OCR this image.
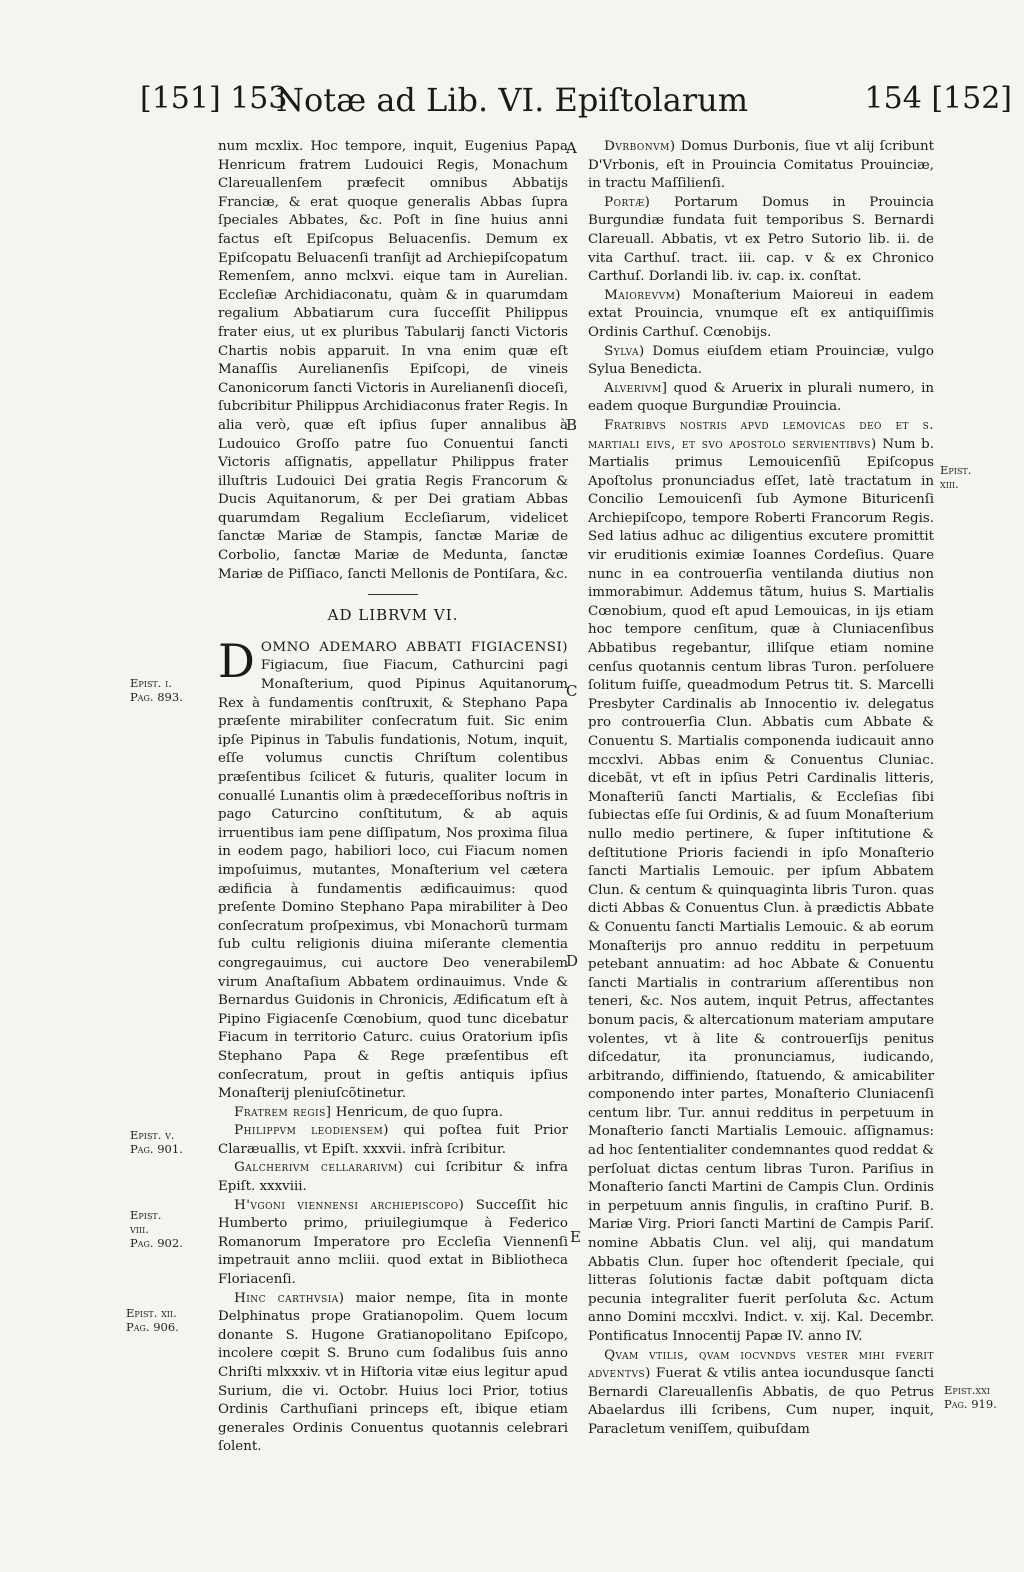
[151] 153
Notæ ad Lib. VI. Epiſtolarum	154 [152]
A
B
C
D
E
Epist. i.
Pag. 893.
Epist. v.
Pag. 901.
Epist.
viii.
Pag. 902.
Epist. xii.
Pag. 906.
Epist.
xiii.
Epist.xxi
Pag. 919.

num mcxlix. Hoc tempore, inquit, Eugenius Papa Henricum fratrem Ludouici Regis, Monachum Clareuallenſem præfecit omnibus Abbatijs Franciæ, & erat quoque generalis Abbas ſupra ſpeciales Abbates, &c. Poſt in ſine huius anni factus eſt Epiſcopus Beluacenſis. Demum ex Epiſcopatu Beluacenſi tranſijt ad Archiepiſcopatum Remenſem, anno mclxvi. eique tam in Aurelian. Eccleſiæ Archidiaconatu, quàm & in quarumdam regalium Abbatiarum cura ſucceſſit Philippus frater eius, ut ex pluribus Tabularij ſancti Victoris Chartis nobis apparuit. In vna enim quæ eſt Manaſſis Aurelianenſis Epiſcopi, de vineis Canonicorum ſancti Victoris in Aurelianenſi dioceſi, ſubcribitur Philippus Archidiaconus frater Regis. In alia verò, quæ eſt ipſius ſuper annalibus à Ludouico Groſſo patre ſuo Conuentui ſancti Victoris aſſignatis, appellatur Philippus frater illuſtris Ludouici Dei gratia Regis Francorum & Ducis Aquitanorum, & per Dei gratiam Abbas quarumdam Regalium Eccleſiarum, videlicet ſanctæ Mariæ de Stampis, ſanctæ Mariæ de Corbolio, ſanctæ Mariæ de Medunta, ſanctæ Mariæ de Piſſiaco, ſancti Mellonis de Pontiſara, &c.

AD LIBRVM VI.

DOMNO ADEMARO ABBATI FIGIACENSI) Figiacum, ſiue Fiacum, Cathurcini pagi Monaſterium, quod Pipinus Aquitanorum Rex à fundamentis conſtruxit, & Stephano Papa præſente mirabiliter conſecratum fuit. Sic enim ipſe Pipinus in Tabulis fundationis, Notum, inquit, eſſe volumus cunctis Chriſtum colentibus præſentibus ſcilicet & futuris, qualiter locum in conuallé Lunantis olim à prædeceſſoribus noſtris in pago Caturcino conſtitutum, & ab aquis irruentibus iam pene diſſipatum, Nos proxima ſilua in eodem pago, habiliori loco, cui Fiacum nomen impoſuimus, mutantes, Monaſterium vel cætera ædificia à fundamentis ædificauimus: quod preſente Domino Stephano Papa mirabiliter à Deo conſecratum proſpeximus, vbi Monachorũ turmam ſub cultu religionis diuina miſerante clementia congregauimus, cui auctore Deo venerabilem virum Anaſtaſium Abbatem ordinauimus. Vnde & Bernardus Guidonis in Chronicis, Ædificatum eſt à Pipino Figiacenſe Cœnobium, quod tunc dicebatur Fiacum in territorio Caturc. cuius Oratorium ipſis Stephano Papa & Rege præſentibus eſt conſecratum, prout in geſtis antiquis ipſius Monaſterij pleniuſcõtinetur.

Fratrem regis] Henricum, de quo ſupra.

Philippvm leodiensem) qui poſtea fuit Prior Claræuallis, vt Epiſt. xxxvii. infrà ſcribitur.

Galcherivm cellararivm) cui ſcribitur & infra Epiſt. xxxviii.

H'vgoni viennensi archiepiscopo) Succeſſit hic Humberto primo, priuilegiumque à Federico Romanorum Imperatore pro Eccleſia Viennenſi impetrauit anno mcliii. quod extat in Bibliotheca Floriacenſi.

Hinc carthvsia) maior nempe, ſita in monte Delphinatus prope Gratianopolim. Quem locum donante S. Hugone Gratianopolitano Epiſcopo, incolere cœpit S. Bruno cum ſodalibus ſuis anno Chriſti mlxxxiv. vt in Hiſtoria vitæ eius legitur apud Surium, die vi. Octobr. Huius loci Prior, totius Ordinis Carthuſiani princeps eſt, ibique etiam generales Ordinis Conuentus quotannis celebrari ſolent.

Dvrbonvm) Domus Durbonis, ſiue vt alij ſcribunt D'Vrbonis, eſt in Prouincia Comitatus Prouinciæ, in tractu Maſſilienſi.

Portæ) Portarum Domus in Prouincia Burgundiæ fundata fuit temporibus S. Bernardi Clareuall. Abbatis, vt ex Petro Sutorio lib. ii. de vita Carthuſ. tract. iii. cap. v & ex Chronico Carthuſ. Dorlandi lib. iv. cap. ix. conſtat.

Maiorevvm) Monaſterium Maioreui in eadem extat Prouincia, vnumque eſt ex antiquiſſimis Ordinis Carthuſ. Cœnobijs.

Sylva) Domus eiuſdem etiam Prouinciæ, vulgo Sylua Benedicta.

Alverivm] quod & Aruerix in plurali numero, in eadem quoque Burgundiæ Prouincia.

Fratribvs nostris apvd lemovicas deo et s. martiali eivs, et svo apostolo servientibvs) Num b. Martialis primus Lemouicenſiũ Epiſcopus Apoſtolus pronunciadus eſſet, latè tractatum in Concilio Lemouicenſi ſub Aymone Bituricenſi Archiepiſcopo, tempore Roberti Francorum Regis. Sed latius adhuc ac diligentius excutere promittit vir eruditionis eximiæ Ioannes Cordeſius. Quare nunc in ea controuerſia ventilanda diutius non immorabimur. Addemus tãtum, huius S. Martialis Cœnobium, quod eſt apud Lemouicas, in ijs etiam hoc tempore cenſitum, quæ à Cluniacenſibus Abbatibus regebantur, illiſque etiam nomine cenſus quotannis centum libras Turon. perſoluere ſolitum fuiſſe, queadmodum Petrus tit. S. Marcelli Presbyter Cardinalis ab Innocentio iv. delegatus pro controuerſia Clun. Abbatis cum Abbate & Conuentu S. Martialis componenda iudicauit anno mccxlvi. Abbas enim & Conuentus Cluniac. dicebãt, vt eſt in ipſius Petri Cardinalis litteris, Monaſteriũ ſancti Martialis, & Eccleſias ſibi ſubiectas eſſe ſui Ordinis, & ad ſuum Monaſterium nullo medio pertinere, & ſuper inſtitutione & deſtitutione Prioris faciendi in ipſo Monaſterio ſancti Martialis Lemouic. per ipſum Abbatem Clun. & centum & quinquaginta libris Turon. quas dicti Abbas & Conuentus Clun. à prædictis Abbate & Conuentu ſancti Martialis Lemouic. & ab eorum Monaſterijs pro annuo redditu in perpetuum petebant annuatim: ad hoc Abbate & Conuentu ſancti Martialis in contrarium aſſerentibus non teneri, &c. Nos autem, inquit Petrus, affectantes bonum pacis, & altercationum materiam amputare volentes, vt à lite & controuerſijs penitus diſcedatur, ita pronunciamus, iudicando, arbitrando, diffiniendo, ſtatuendo, & amicabiliter componendo inter partes, Monaſterio Cluniacenſi centum libr. Tur. annui redditus in perpetuum in Monaſterio ſancti Martialis Lemouic. aſſignamus: ad hoc ſententialiter condemnantes quod reddat & perſoluat dictas centum libras Turon. Pariſius in Monaſterio ſancti Martini de Campis Clun. Ordinis in perpetuum annis ſingulis, in craſtino Purif. B. Mariæ Virg. Priori ſancti Martini de Campis Pariſ. nomine Abbatis Clun. vel alij, qui mandatum Abbatis Clun. ſuper hoc oſtenderit ſpeciale, qui litteras ſolutionis factæ dabit poſtquam dicta pecunia integraliter fuerit perſoluta &c. Actum anno Domini mccxlvi. Indict. v. xij. Kal. Decembr. Pontificatus Innocentij Papæ IV. anno IV.

Qvam vtilis, qvam iocvndvs vester mihi fverit adventvs) Fuerat & vtilis antea iocundusque ſancti Bernardi Clareuallenſis Abbatis, de quo Petrus Abaelardus illi ſcribens, Cum nuper, inquit, Paracletum veniſſem, quibuſdam
